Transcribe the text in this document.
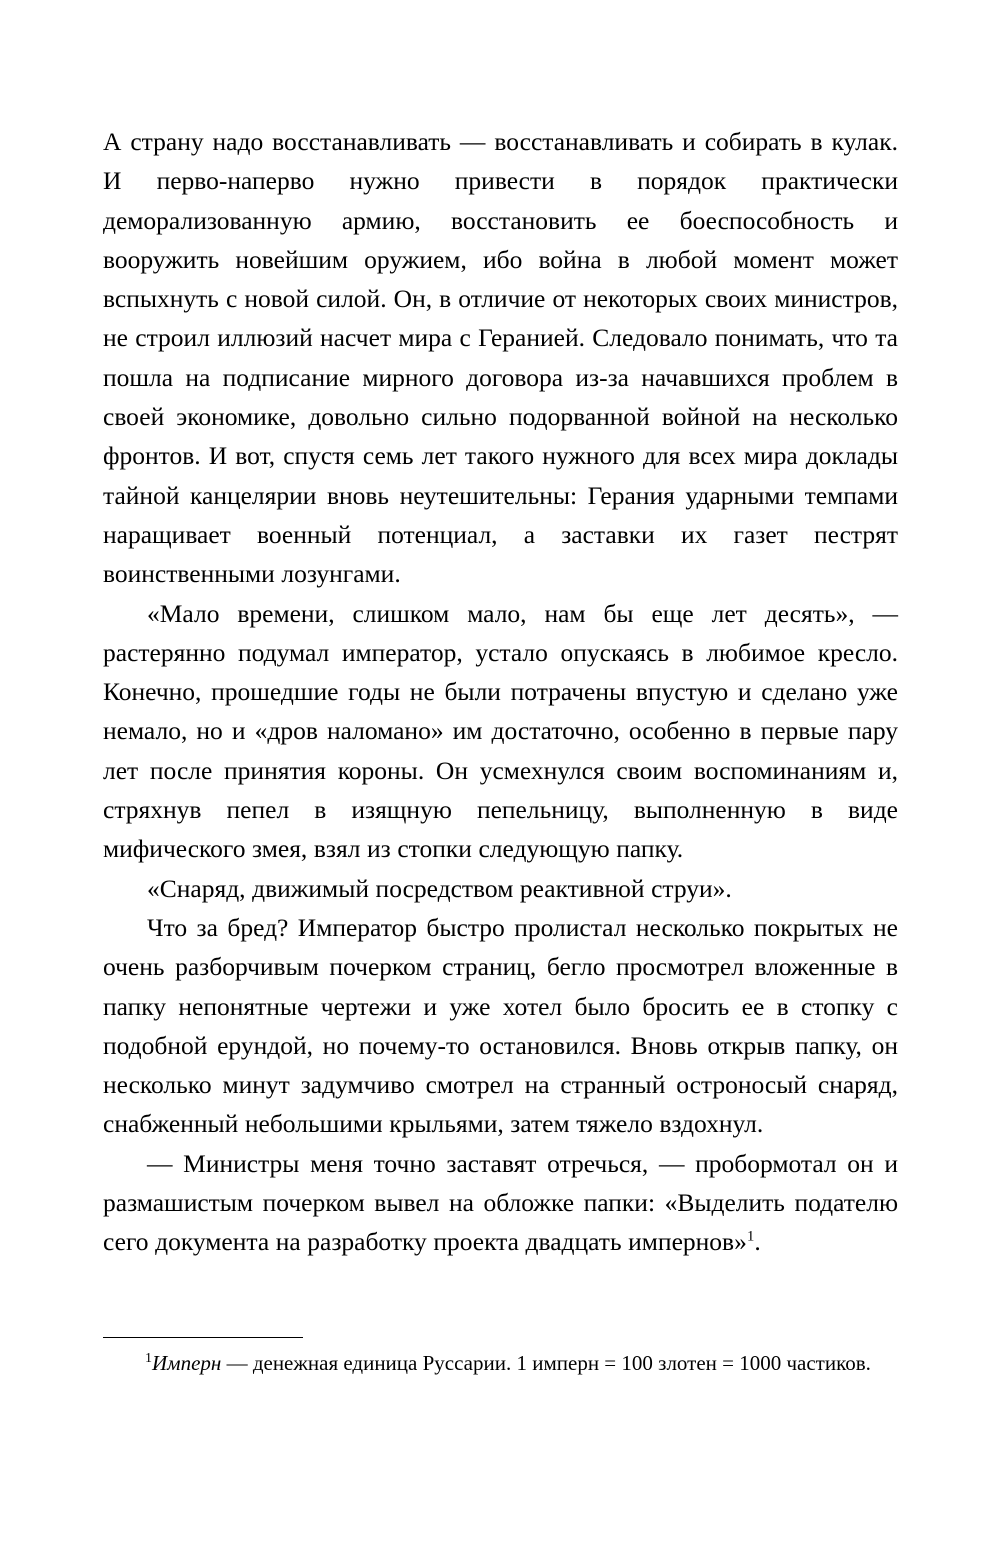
А страну надо восстанавливать — восстанавливать и собирать в кулак. И перво-наперво нужно привести в порядок практически деморализованную армию, восстановить ее боеспособность и вооружить новейшим оружием, ибо война в любой момент может вспыхнуть с новой силой. Он, в отличие от некоторых своих министров, не строил иллюзий насчет мира с Геранией. Следовало понимать, что та пошла на подписание мирного договора из-за начавшихся проблем в своей экономике, довольно сильно подорванной войной на несколько фронтов. И вот, спустя семь лет такого нужного для всех мира доклады тайной канцелярии вновь неутешительны: Герания ударными темпами наращивает военный потенциал, а заставки их газет пестрят воинственными лозунгами.

«Мало времени, слишком мало, нам бы еще лет десять», — растерянно подумал император, устало опускаясь в любимое кресло. Конечно, прошедшие годы не были потрачены впустую и сделано уже немало, но и «дров наломано» им достаточно, особенно в первые пару лет после принятия короны. Он усмехнулся своим воспоминаниям и, стряхнув пепел в изящную пепельницу, выполненную в виде мифического змея, взял из стопки следующую папку.

«Снаряд, движимый посредством реактивной струи».

Что за бред? Император быстро пролистал несколько покрытых не очень разборчивым почерком страниц, бегло просмотрел вложенные в папку непонятные чертежи и уже хотел было бросить ее в стопку с подобной ерундой, но почему-то остановился. Вновь открыв папку, он несколько минут задумчиво смотрел на странный остроносый снаряд, снабженный небольшими крыльями, затем тяжело вздохнул.

— Министры меня точно заставят отречься, — пробормотал он и размашистым почерком вывел на обложке папки: «Выделить подателю сего документа на разработку проекта двадцать импернов»$^1$.

$^1$Имперн — денежная единица Руссарии. 1 имперн = 100 злотен = 1000 частиков.
